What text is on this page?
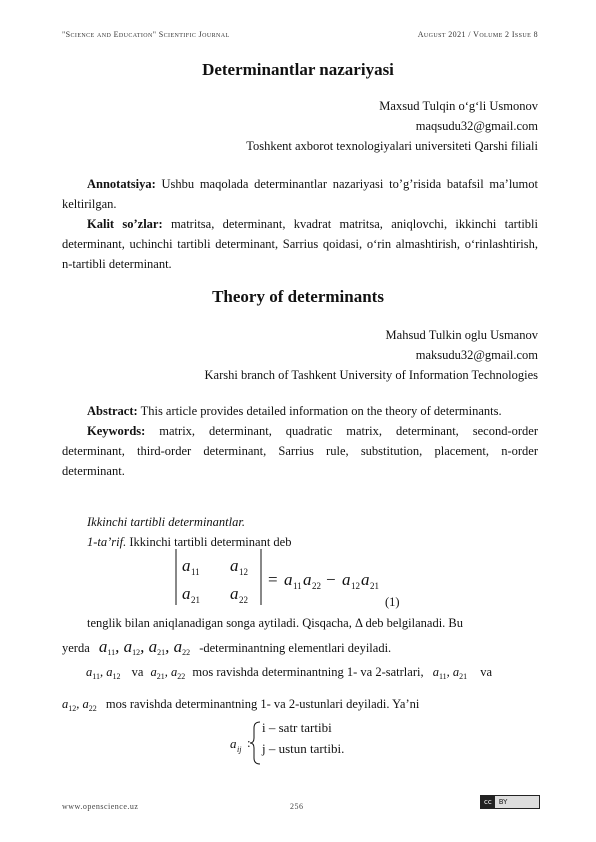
"Science and Education" Scientific Journal	August 2021 / Volume 2 Issue 8
Determinantlar nazariyasi
Maxsud Tulqin o‘g‘li Usmonov
maqsudu32@gmail.com
Toshkent axborot texnologiyalari universiteti Qarshi filiali
Annotatsiya: Ushbu maqolada determinantlar nazariyasi to’g’risida batafsil ma’lumot keltirilgan.
Kalit so’zlar: matritsa, determinant, kvadrat matritsa, aniqlovchi, ikkinchi tartibli determinant, uchinchi tartibli determinant, Sarrius qoidasi, o‘rin almashtirish, o‘rinlashtirish, n-tartibli determinant.
Theory of determinants
Mahsud Tulkin oglu Usmanov
maksudu32@gmail.com
Karshi branch of Tashkent University of Information Technologies
Abstract: This article provides detailed information on the theory of determinants.
Keywords: matrix, determinant, quadratic matrix, determinant, second-order determinant, third-order determinant, Sarrius rule, substitution, placement, n-order determinant.
Ikkinchi tartibli determinantlar.
1-ta’rif. Ikkinchi tartibli determinant deb
a 11 a 12
a 21 a 22
= a 11 a 22 − a 12 a 21
(1)
tenglik bilan aniqlanadigan songa aytiladi. Qisqacha, Δ deb belgilanadi. Bu
yerda $a_{11}$, $a_{12}$, $a_{21}$, $a_{22}$ -determinantning elementlari deyiladi.
$a_{11}$, $a_{12}$ va $a_{21}$, $a_{22}$ mos ravishda determinantning 1- va 2-satrlari, $a_{11}$, $a_{21}$ va
$a_{12}$, $a_{22}$ mos ravishda determinantning 1- va 2-ustunlari deyiladi. Ya’ni
a ij :
i – satr tartibi
j – ustun tartibi.
www.openscience.uz	256	cc	BY
